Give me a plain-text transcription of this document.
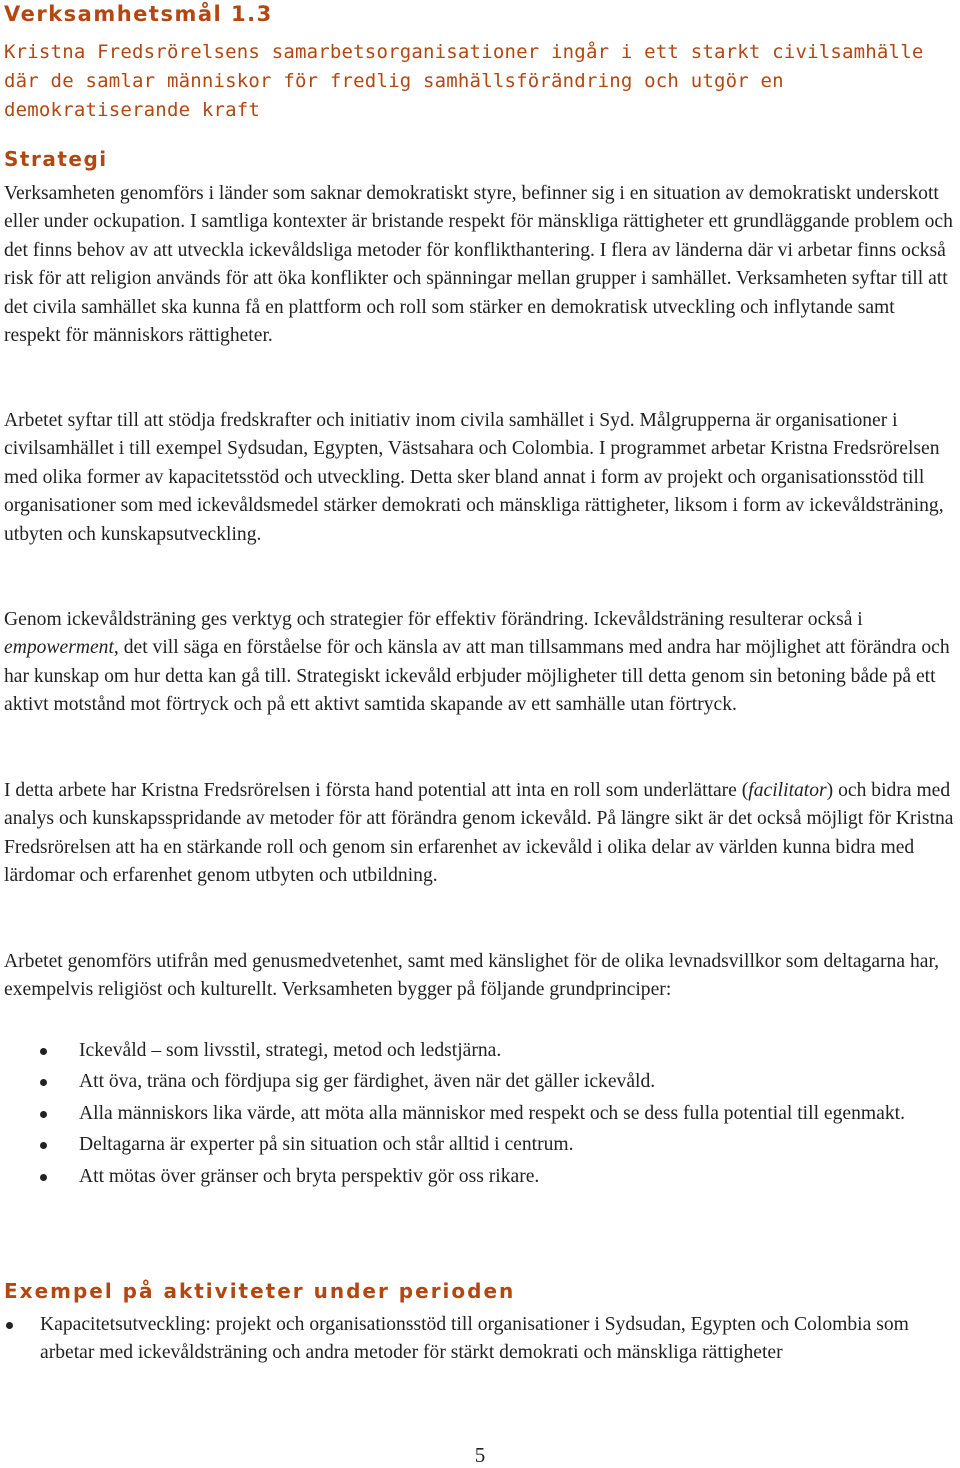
Verksamhetsmål 1.3
Kristna Fredsrörelsens samarbetsorganisationer ingår i ett starkt civilsamhälle där de samlar människor för fredlig samhällsförändring och utgör en demokratiserande kraft
Strategi

Verksamheten genomförs i länder som saknar demokratiskt styre, befinner sig i en situation av demokratiskt underskott eller under ockupation. I samtliga kontexter är bristande respekt för mänskliga rättigheter ett grundläggande problem och det finns behov av att utveckla ickevåldsliga metoder för konflikthantering. I flera av länderna där vi arbetar finns också risk för att religion används för att öka konflikter och spänningar mellan grupper i samhället. Verksamheten syftar till att det civila samhället ska kunna få en plattform och roll som stärker en demokratisk utveckling och inflytande samt respekt för människors rättigheter.

Arbetet syftar till att stödja fredskrafter och initiativ inom civila samhället i Syd. Målgrupperna är organisationer i civilsamhället i till exempel Sydsudan, Egypten, Västsahara och Colombia. I programmet arbetar Kristna Fredsrörelsen med olika former av kapacitetsstöd och utveckling. Detta sker bland annat i form av projekt och organisationsstöd till organisationer som med ickevåldsmedel stärker demokrati och mänskliga rättigheter, liksom i form av ickevåldsträning, utbyten och kunskapsutveckling.

Genom ickevåldsträning ges verktyg och strategier för effektiv förändring. Ickevåldsträning resulterar också i empowerment, det vill säga en förståelse för och känsla av att man tillsammans med andra har möjlighet att förändra och har kunskap om hur detta kan gå till. Strategiskt ickevåld erbjuder möjligheter till detta genom sin betoning både på ett aktivt motstånd mot förtryck och på ett aktivt samtida skapande av ett samhälle utan förtryck.

I detta arbete har Kristna Fredsrörelsen i första hand potential att inta en roll som underlättare (facilitator) och bidra med analys och kunskapsspridande av metoder för att förändra genom ickevåld. På längre sikt är det också möjligt för Kristna Fredsrörelsen att ha en stärkande roll och genom sin erfarenhet av ickevåld i olika delar av världen kunna bidra med lärdomar och erfarenhet genom utbyten och utbildning.

Arbetet genomförs utifrån med genusmedvetenhet, samt med känslighet för de olika levnadsvillkor som deltagarna har, exempelvis religiöst och kulturellt. Verksamheten bygger på följande grundprinciper:

Ickevåld – som livsstil, strategi, metod och ledstjärna.
Att öva, träna och fördjupa sig ger färdighet, även när det gäller ickevåld.
Alla människors lika värde, att möta alla människor med respekt och se dess fulla potential till egenmakt.
Deltagarna är experter på sin situation och står alltid i centrum.
Att mötas över gränser och bryta perspektiv gör oss rikare.
Exempel på aktiviteter under perioden
Kapacitetsutveckling: projekt och organisationsstöd till organisationer i Sydsudan, Egypten och Colombia som arbetar med ickevåldsträning och andra metoder för stärkt demokrati och mänskliga rättigheter
5
